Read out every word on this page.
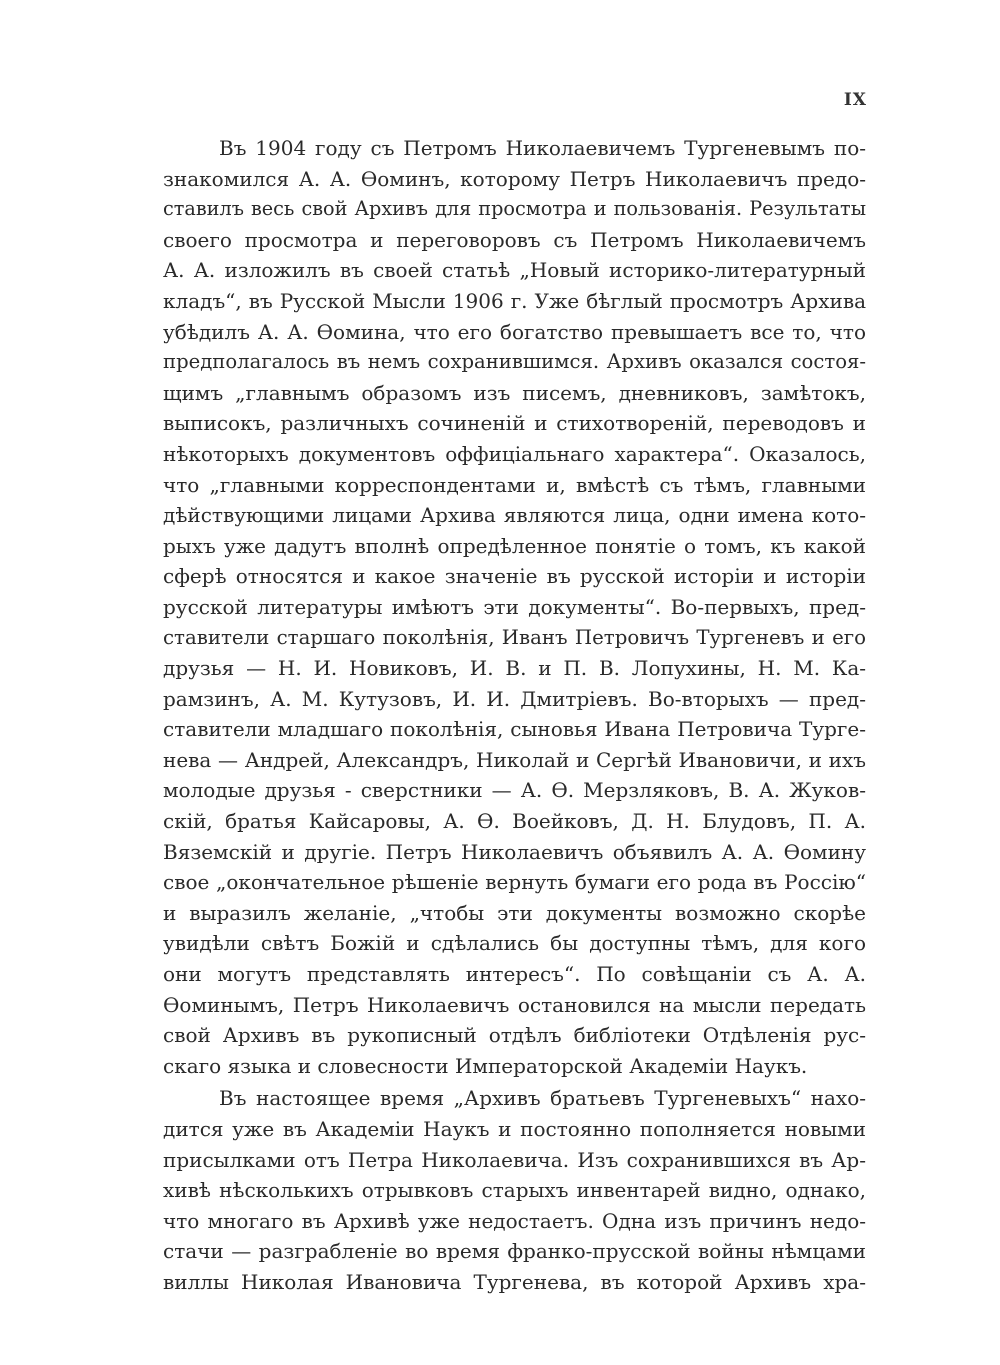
IX
Въ 1904 году съ Петромъ Николаевичемъ Тургеневымъ по-
знакомился А. А. Ѳоминъ, которому Петръ Николаевичъ предо-
ставилъ весь свой Архивъ для просмотра и пользованія. Результаты
своего просмотра и переговоровъ съ Петромъ Николаевичемъ
А. А. изложилъ въ своей статьѣ „Новый историко-литературный
кладъ“, въ Русской Мысли 1906 г. Уже бѣглый просмотръ Архива
убѣдилъ А. А. Ѳомина, что его богатство превышаетъ все то, что
предполагалось въ немъ сохранившимся. Архивъ оказался состоя-
щимъ „главнымъ образомъ изъ писемъ, дневниковъ, замѣтокъ,
выписокъ, различныхъ сочиненій и стихотвореній, переводовъ и
нѣкоторыхъ документовъ оффиціальнаго характера“. Оказалось,
что „главными корреспондентами и, вмѣстѣ съ тѣмъ, главными
дѣйствующими лицами Архива являются лица, одни имена кото-
рыхъ уже дадутъ вполнѣ опредѣленное понятіе о томъ, къ какой
сферѣ относятся и какое значеніе въ русской исторіи и исторіи
русской литературы имѣютъ эти документы“. Во-первыхъ, пред-
ставители старшаго поколѣнія, Иванъ Петровичъ Тургеневъ и его
друзья — Н. И. Новиковъ, И. В. и П. В. Лопухины, Н. М. Ка-
рамзинъ, А. М. Кутузовъ, И. И. Дмитріевъ. Во-вторыхъ — пред-
ставители младшаго поколѣнія, сыновья Ивана Петровича Турге-
нева — Андрей, Александръ, Николай и Сергѣй Ивановичи, и ихъ
молодые друзья - сверстники — А. Ѳ. Мерзляковъ, В. А. Жуков-
скій, братья Кайсаровы, А. Ѳ. Воейковъ, Д. Н. Блудовъ, П. А.
Вяземскій и другіе. Петръ Николаевичъ объявилъ А. А. Ѳомину
свое „окончательное рѣшеніе вернуть бумаги его рода въ Россію“
и выразилъ желаніе, „чтобы эти документы возможно скорѣе
увидѣли свѣтъ Божій и сдѣлались бы доступны тѣмъ, для кого
они могутъ представлять интересъ“. По совѣщаніи съ А. А.
Ѳоминымъ, Петръ Николаевичъ остановился на мысли передать
свой Архивъ въ рукописный отдѣлъ библіотеки Отдѣленія рус-
скаго языка и словесности Императорской Академіи Наукъ.
Въ настоящее время „Архивъ братьевъ Тургеневыхъ“ нахо-
дится уже въ Академіи Наукъ и постоянно пополняется новыми
присылками отъ Петра Николаевича. Изъ сохранившихся въ Ар-
хивѣ нѣсколькихъ отрывковъ старыхъ инвентарей видно, однако,
что многаго въ Архивѣ уже недостаетъ. Одна изъ причинъ недо-
стачи — разграбленіе во время франко-прусской войны нѣмцами
виллы Николая Ивановича Тургенева, въ которой Архивъ хра-
